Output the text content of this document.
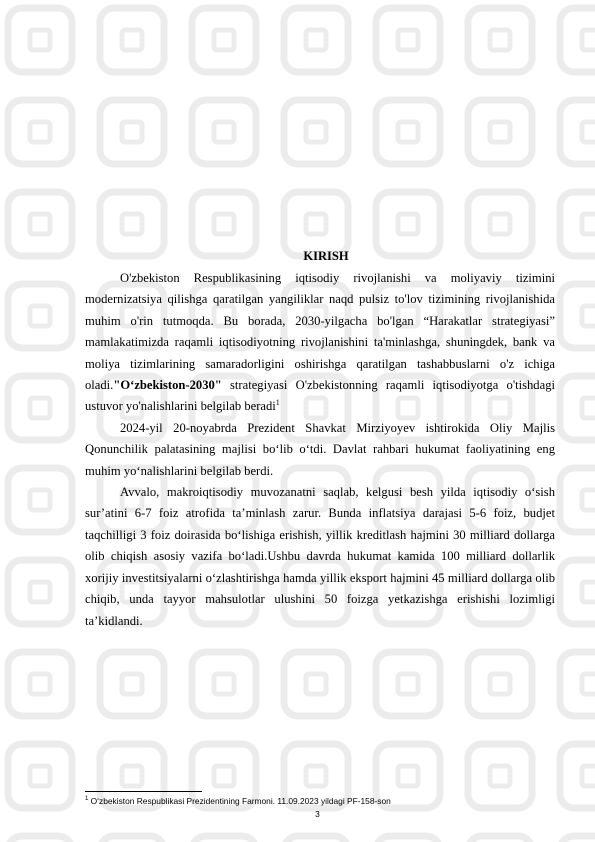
KIRISH

O'zbekiston Respublikasining iqtisodiy rivojlanishi va moliyaviy tizimini modernizatsiya qilishga qaratilgan yangiliklar naqd pulsiz to'lov tizimining rivojlanishida muhim o'rin tutmoqda. Bu borada, 2030-yilgacha bo'lgan “Harakatlar strategiyasi” mamlakatimizda raqamli iqtisodiyotning rivojlanishini ta'minlashga, shuningdek, bank va moliya tizimlarining samaradorligini oshirishga qaratilgan tashabbuslarni o'z ichiga oladi."O‘zbekiston-2030" strategiyasi O'zbekistonning raqamli iqtisodiyotga o'tishdagi ustuvor yo'nalishlarini belgilab beradi$^1$

2024-yil 20-noyabrda Prezident Shavkat Mirziyoyev ishtirokida Oliy Majlis Qonunchilik palatasining majlisi bo‘lib o‘tdi. Davlat rahbari hukumat faoliyatining eng muhim yo‘nalishlarini belgilab berdi.

Avvalo, makroiqtisodiy muvozanatni saqlab, kelgusi besh yilda iqtisodiy o‘sish sur’atini 6-7 foiz atrofida ta’minlash zarur. Bunda inflatsiya darajasi 5-6 foiz, budjet taqchilligi 3 foiz doirasida bo‘lishiga erishish, yillik kreditlash hajmini 30 milliard dollarga olib chiqish asosiy vazifa bo‘ladi.Ushbu davrda hukumat kamida 100 milliard dollarlik xorijiy investitsiyalarni o‘zlashtirishga hamda yillik eksport hajmini 45 milliard dollarga olib chiqib, unda tayyor mahsulotlar ulushini 50 foizga yetkazishga erishishi lozimligi ta’kidlandi.

$^1$ O‘zbekiston Respublikasi Prezidentining Farmoni. 11.09.2023 yildagi PF-158-son
3
